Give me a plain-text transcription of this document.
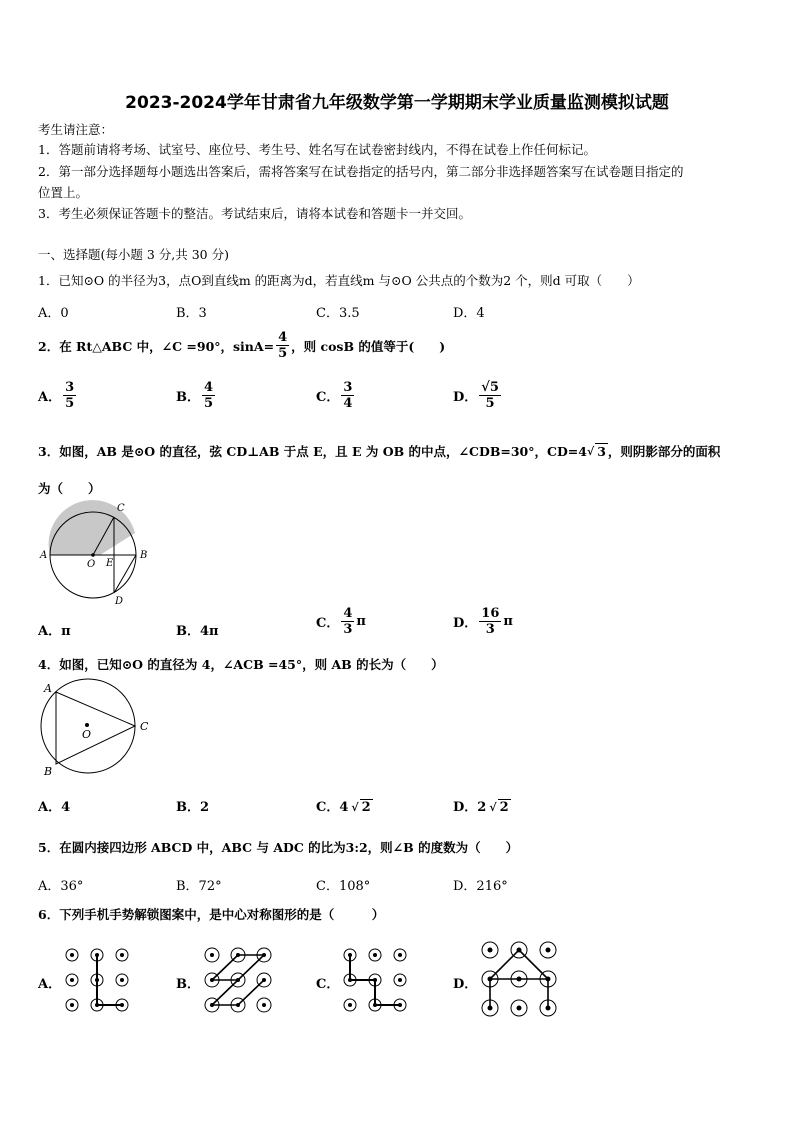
2023-2024学年甘肃省九年级数学第一学期期末学业质量监测模拟试题
考生请注意：
1．答题前请将考场、试室号、座位号、考生号、姓名写在试卷密封线内，不得在试卷上作任何标记。
2．第一部分选择题每小题选出答案后，需将答案写在试卷指定的括号内，第二部分非选择题答案写在试卷题目指定的
位置上。
3．考生必须保证答题卡的整洁。考试结束后，请将本试卷和答题卡一并交回。
一、选择题(每小题 3 分,共 30 分)
1．已知⊙O 的半径为3，点O到直线m 的距离为d，若直线m 与⊙O 公共点的个数为2 个，则d 可取（　　）
A．0	B．3	C．3.5	D．4
2．在 Rt△ABC 中，∠C =90°，$\sin A= \frac{4}{5}$ ，则 cosB 的值等于(　　)
A． $\frac{3}{5}$	B． $\frac{4}{5}$	C． $\frac{3}{4}$	D． $\frac{√5}{5}$
3．如图，AB 是⊙O 的直径，弦 CD⊥AB 于点 E，且 E 为 OB 的中点，∠CDB=30°，CD=4 √ 3 ，则阴影部分的面积
为（　　）
A
O E
B
C
D
A．π	B．4π
C． $\frac{4}{3}$ π	D． $\frac{16}{3}$ π
4．如图，已知⊙O 的直径为 4，∠ACB =45°，则 AB 的长为（　　）
A
O
C
B
A．4	B．2	C．4 √ 2	D．2 √ 2
5．在圆内接四边形 ABCD 中，ABC 与 ADC 的比为3:2，则∠B 的度数为（　　）
A．36°	B．72°	C．108°	D．216°
6．下列手机手势解锁图案中，是中心对称图形的是（　　　）
A．	B．	C．	D．
